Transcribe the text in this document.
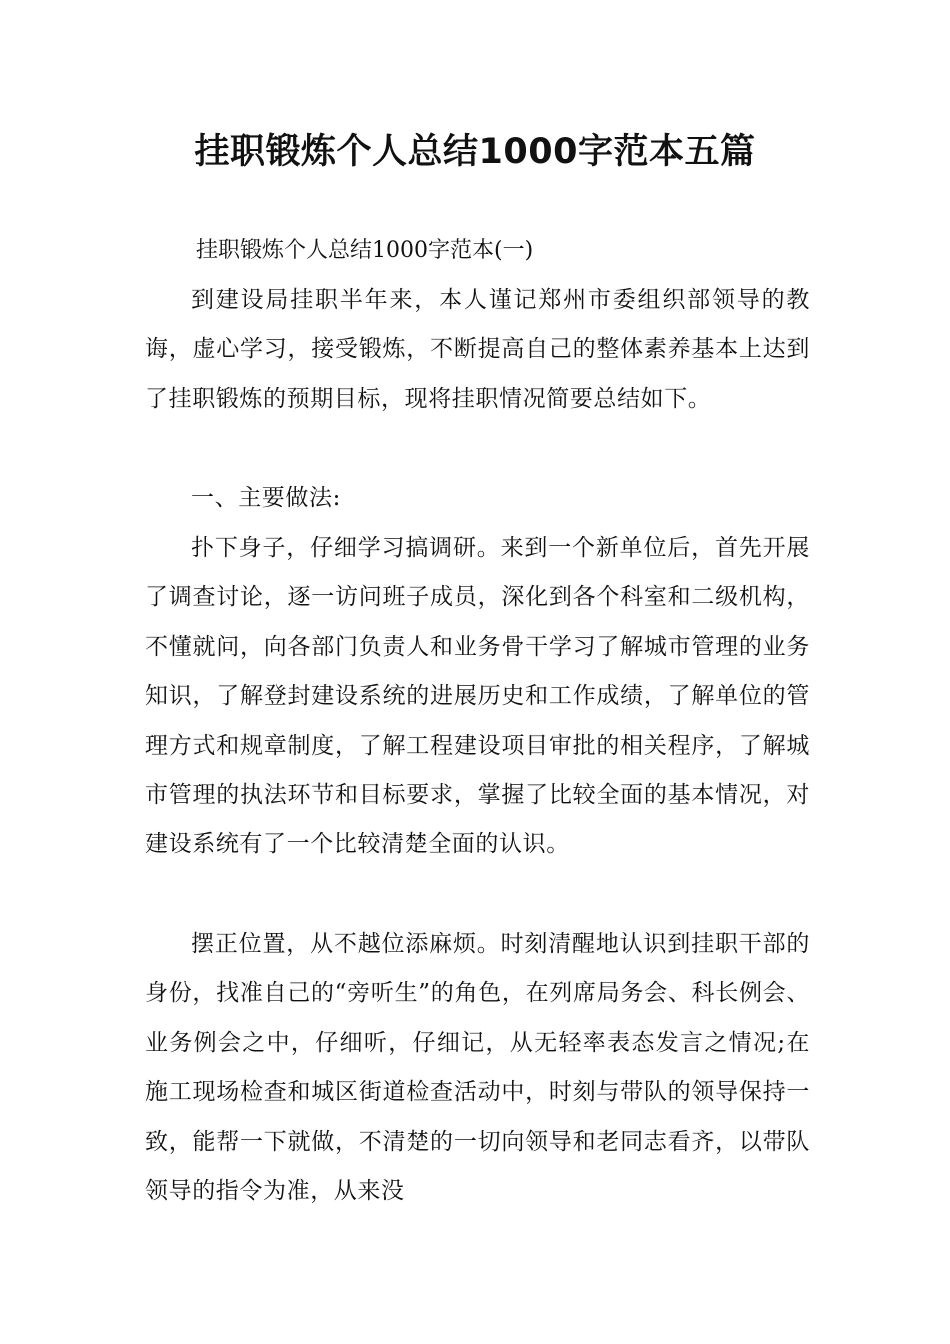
挂职锻炼个人总结1000字范本五篇
挂职锻炼个人总结1000字范本(一)
到建设局挂职半年来，本人谨记郑州市委组织部领导的教诲，虚心学习，接受锻炼，不断提高自己的整体素养基本上达到了挂职锻炼的预期目标，现将挂职情况简要总结如下。
一、主要做法:
扑下身子，仔细学习搞调研。来到一个新单位后，首先开展了调查讨论，逐一访问班子成员，深化到各个科室和二级机构，不懂就问，向各部门负责人和业务骨干学习了解城市管理的业务知识，了解登封建设系统的进展历史和工作成绩，了解单位的管理方式和规章制度，了解工程建设项目审批的相关程序，了解城市管理的执法环节和目标要求，掌握了比较全面的基本情况，对建设系统有了一个比较清楚全面的认识。
摆正位置，从不越位添麻烦。时刻清醒地认识到挂职干部的身份，找准自己的“旁听生”的角色，在列席局务会、科长例会、业务例会之中，仔细听，仔细记，从无轻率表态发言之情况;在施工现场检查和城区街道检查活动中，时刻与带队的领导保持一致，能帮一下就做，不清楚的一切向领导和老同志看齐，以带队领导的指令为准，从来没
